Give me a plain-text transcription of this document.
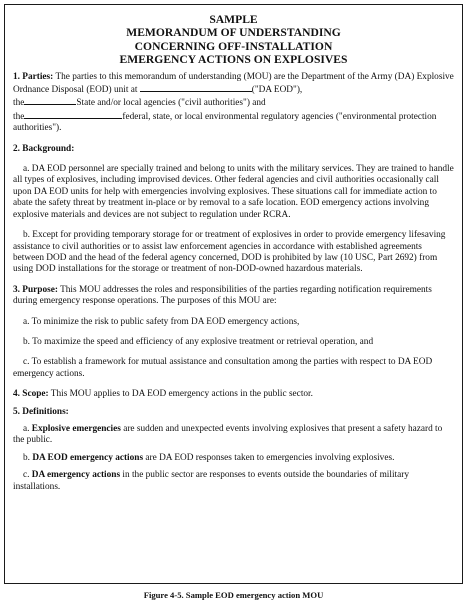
SAMPLE
MEMORANDUM OF UNDERSTANDING
CONCERNING OFF-INSTALLATION
EMERGENCY ACTIONS ON EXPLOSIVES

1. Parties: The parties to this memorandum of understanding (MOU) are the Department of the Army (DA) Explosive Ordnance Disposal (EOD) unit at	("DA EOD"),
the	State and/or local agencies ("civil authorities") and
the	federal, state, or local environmental regulatory agencies ("environmental protection authorities").

2. Background:

a. DA EOD personnel are specially trained and belong to units with the military services. They are trained to handle all types of explosives, including improvised devices. Other federal agencies and civil authorities occasionally call upon DA EOD units for help with emergencies involving explosives. These situations call for immediate action to abate the safety threat by treatment in-place or by removal to a safe location. EOD emergency actions involving explosive materials and devices are not subject to regulation under RCRA.

b. Except for providing temporary storage for or treatment of explosives in order to provide emergency lifesaving assistance to civil authorities or to assist law enforcement agencies in accordance with established agreements between DOD and the head of the federal agency concerned, DOD is prohibited by law (10 USC, Part 2692) from using DOD installations for the storage or treatment of non-DOD-owned hazardous materials.

3. Purpose: This MOU addresses the roles and responsibilities of the parties regarding notification requirements during emergency response operations. The purposes of this MOU are:

a. To minimize the risk to public safety from DA EOD emergency actions,

b. To maximize the speed and efficiency of any explosive treatment or retrieval operation, and

c. To establish a framework for mutual assistance and consultation among the parties with respect to DA EOD emergency actions.

4. Scope: This MOU applies to DA EOD emergency actions in the public sector.

5. Definitions:

a. Explosive emergencies are sudden and unexpected events involving explosives that present a safety hazard to the public.

b. DA EOD emergency actions are DA EOD responses taken to emergencies involving explosives.

c. DA emergency actions in the public sector are responses to events outside the boundaries of military installations.

Figure 4-5. Sample EOD emergency action MOU
